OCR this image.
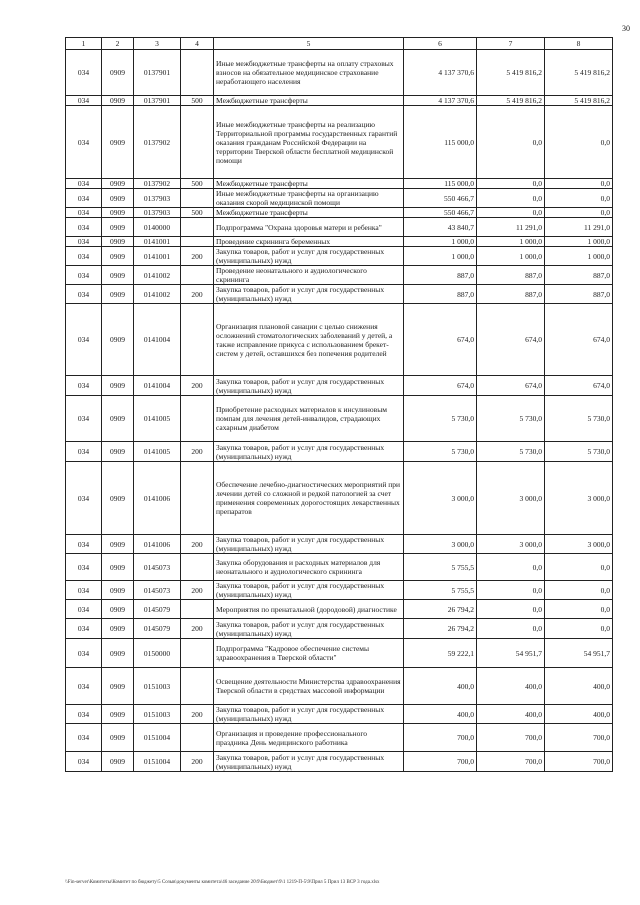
30
1	2	3	4	5	6	7	8
034	0909	0137901		Иные межбюджетные трансферты на оплату страховых взносов на обязательное медицинское страхование неработающего населения	4 137 370,6	5 419 816,2	5 419 816,2
034	0909	0137901	500	Межбюджетные трансферты	4 137 370,6	5 419 816,2	5 419 816,2
034	0909	0137902		Иные межбюджетные трансферты на реализацию Территориальной программы государственных гарантий оказания гражданам Российской Федерации на территории Тверской области бесплатной медицинской помощи	115 000,0	0,0	0,0
034	0909	0137902	500	Межбюджетные трансферты	115 000,0	0,0	0,0
034	0909	0137903		Иные межбюджетные трансферты на организацию оказания скорой медицинской помощи	550 466,7	0,0	0,0
034	0909	0137903	500	Межбюджетные трансферты	550 466,7	0,0	0,0
034	0909	0140000		Подпрограмма "Охрана здоровья матери и ребенка"	43 840,7	11 291,0	11 291,0
034	0909	0141001		Проведение скрининга беременных	1 000,0	1 000,0	1 000,0
034	0909	0141001	200	Закупка товаров, работ и услуг для государственных (муниципальных) нужд	1 000,0	1 000,0	1 000,0
034	0909	0141002		Проведение неонатального и аудиологического скрининга	887,0	887,0	887,0
034	0909	0141002	200	Закупка товаров, работ и услуг для государственных (муниципальных) нужд	887,0	887,0	887,0
034	0909	0141004		Организация плановой санации с целью снижения осложнений стоматологических заболеваний у детей, а также исправление прикуса с использованием брекет-систем у детей, оставшихся без попечения родителей	674,0	674,0	674,0
034	0909	0141004	200	Закупка товаров, работ и услуг для государственных (муниципальных) нужд	674,0	674,0	674,0
034	0909	0141005		Приобретение расходных материалов к инсулиновым помпам для лечения детей-инвалидов, страдающих сахарным диабетом	5 730,0	5 730,0	5 730,0
034	0909	0141005	200	Закупка товаров, работ и услуг для государственных (муниципальных) нужд	5 730,0	5 730,0	5 730,0
034	0909	0141006		Обеспечение лечебно-диагностических мероприятий при лечении детей со сложной и редкой патологией за счет применения современных дорогостоящих лекарственных препаратов	3 000,0	3 000,0	3 000,0
034	0909	0141006	200	Закупка товаров, работ и услуг для государственных (муниципальных) нужд	3 000,0	3 000,0	3 000,0
034	0909	0145073		Закупка оборудования и расходных материалов для неонатального и аудиологического скрининга	5 755,5	0,0	0,0
034	0909	0145073	200	Закупка товаров, работ и услуг для государственных (муниципальных) нужд	5 755,5	0,0	0,0
034	0909	0145079		Мероприятия по пренатальной (дородовой) диагностике	26 794,2	0,0	0,0
034	0909	0145079	200	Закупка товаров, работ и услуг для государственных (муниципальных) нужд	26 794,2	0,0	0,0
034	0909	0150000		Подпрограмма "Кадровое обеспечение системы здравоохранения в Тверской области"	59 222,1	54 951,7	54 951,7
034	0909	0151003		Освещение деятельности Министерства здравоохранения Тверской области в средствах массовой информации	400,0	400,0	400,0
034	0909	0151003	200	Закупка товаров, работ и услуг для государственных (муниципальных) нужд	400,0	400,0	400,0
034	0909	0151004		Организация и проведение профессионального праздника День медицинского работника	700,0	700,0	700,0
034	0909	0151004	200	Закупка товаров, работ и услуг для государственных (муниципальных) нужд	700,0	700,0	700,0
\\Fin-server\Комитеты\Комитет по бюджету\5 Созыв\документы комитета\46 заседание 20\9\Бюджет\9\1 1219-П-5\9\Прил 5 Прил 13 ВСР 3 года.xlsx
